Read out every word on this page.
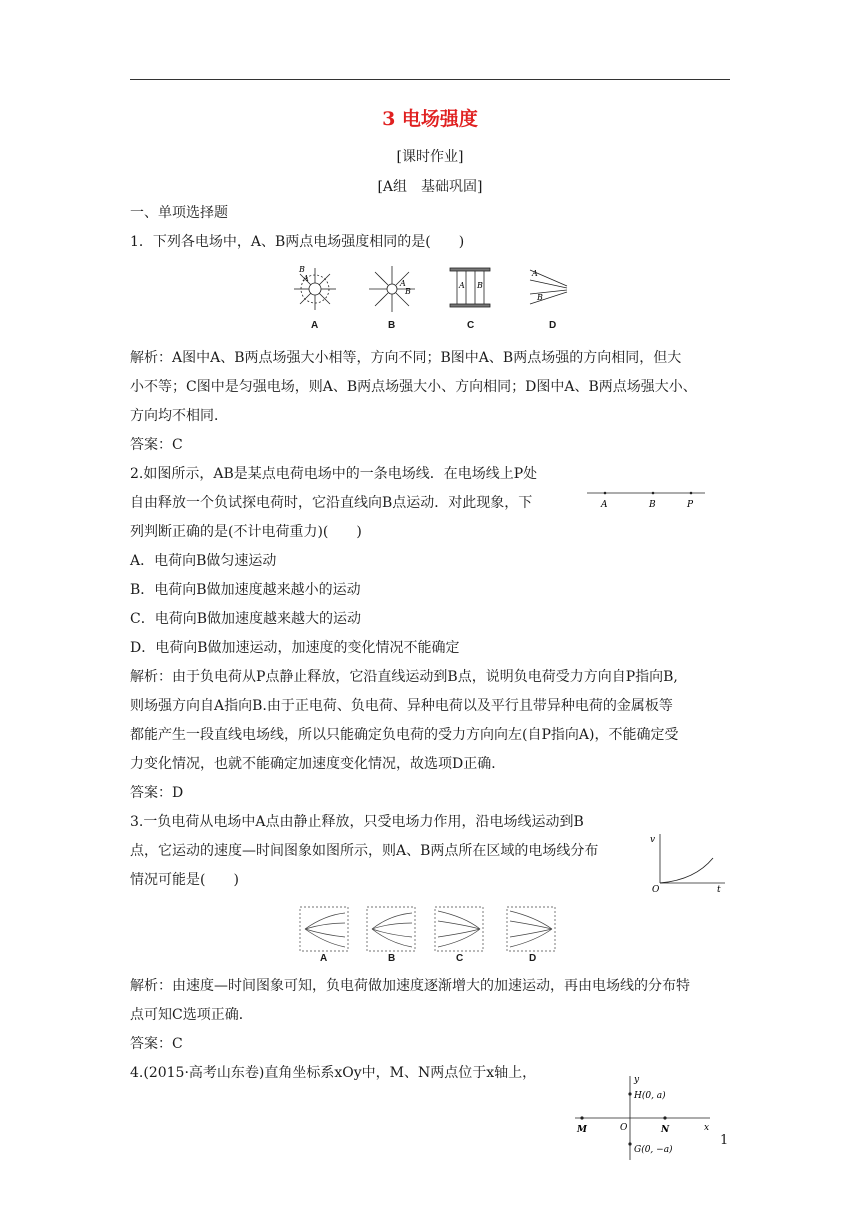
3 电场强度
[课时作业]
[A组　基础巩固]
一、单项选择题
1．下列各电场中，A、B两点电场强度相同的是(　　)
A
B
A
B
A B
A
B
A	B	C	D
解析：A图中A、B两点场强大小相等，方向不同；B图中A、B两点场强的方向相同，但大
小不等；C图中是匀强电场，则A、B两点场强大小、方向相同；D图中A、B两点场强大小、
方向均不相同．
答案：C
2.如图所示，AB是某点电荷电场中的一条电场线．在电场线上P处
自由释放一个负试探电荷时，它沿直线向B点运动．对此现象，下
列判断正确的是(不计电荷重力)(　　)
A	B	P
A．电荷向B做匀速运动
B．电荷向B做加速度越来越小的运动
C．电荷向B做加速度越来越大的运动
D．电荷向B做加速运动，加速度的变化情况不能确定
解析：由于负电荷从P点静止释放，它沿直线运动到B点，说明负电荷受力方向自P指向B,
则场强方向自A指向B.由于正电荷、负电荷、异种电荷以及平行且带异种电荷的金属板等
都能产生一段直线电场线，所以只能确定负电荷的受力方向向左(自P指向A)，不能确定受
力变化情况，也就不能确定加速度变化情况，故选项D正确．
答案：D
3.一负电荷从电场中A点由静止释放，只受电场力作用，沿电场线运动到B
点，它运动的速度—时间图象如图所示，则A、B两点所在区域的电场线分布
情况可能是(　　)
v
O	t
A	B	C	D
解析：由速度—时间图象可知，负电荷做加速度逐渐增大的加速运动，再由电场线的分布特
点可知C选项正确．
答案：C
4.(2015·高考山东卷)直角坐标系xOy中，M、N两点位于x轴上，	y
x
O
H(0, a)
M	N
G(0, −a)
1
